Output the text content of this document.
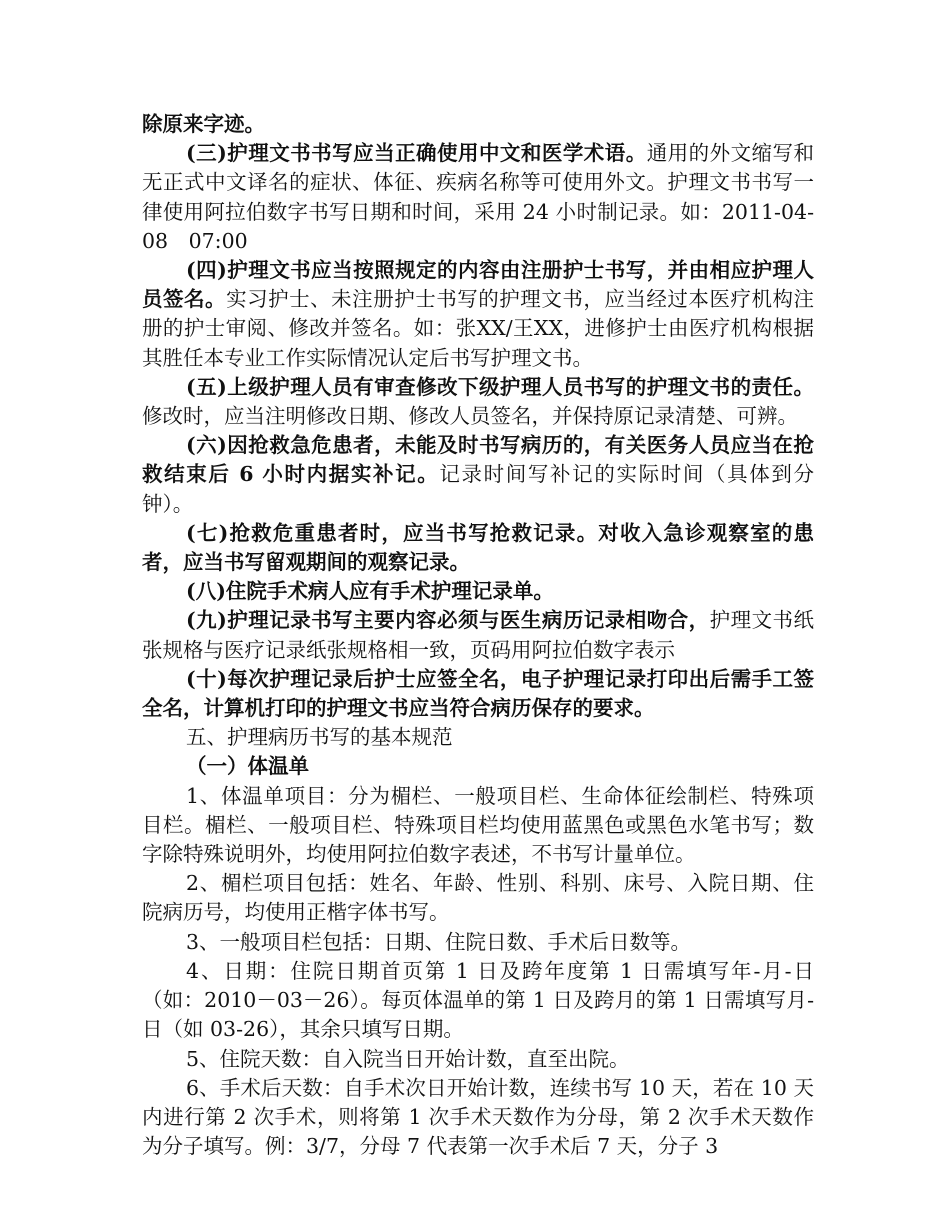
除原来字迹。

(三)护理文书书写应当正确使用中文和医学术语。通用的外文缩写和无正式中文译名的症状、体征、疾病名称等可使用外文。护理文书书写一律使用阿拉伯数字书写日期和时间，采用 24 小时制记录。如：2011-04-08　07:00

(四)护理文书应当按照规定的内容由注册护士书写，并由相应护理人员签名。实习护士、未注册护士书写的护理文书，应当经过本医疗机构注册的护士审阅、修改并签名。如：张XX/王XX，进修护士由医疗机构根据其胜任本专业工作实际情况认定后书写护理文书。

(五)上级护理人员有审查修改下级护理人员书写的护理文书的责任。修改时，应当注明修改日期、修改人员签名，并保持原记录清楚、可辨。

(六)因抢救急危患者，未能及时书写病历的，有关医务人员应当在抢救结束后 6 小时内据实补记。记录时间写补记的实际时间（具体到分钟）。

(七)抢救危重患者时，应当书写抢救记录。对收入急诊观察室的患者，应当书写留观期间的观察记录。

(八)住院手术病人应有手术护理记录单。

(九)护理记录书写主要内容必须与医生病历记录相吻合，护理文书纸张规格与医疗记录纸张规格相一致，页码用阿拉伯数字表示

(十)每次护理记录后护士应签全名，电子护理记录打印出后需手工签全名，计算机打印的护理文书应当符合病历保存的要求。

五、护理病历书写的基本规范

（一）体温单

1、体温单项目：分为楣栏、一般项目栏、生命体征绘制栏、特殊项目栏。楣栏、一般项目栏、特殊项目栏均使用蓝黑色或黑色水笔书写；数字除特殊说明外，均使用阿拉伯数字表述，不书写计量单位。

2、楣栏项目包括：姓名、年龄、性别、科别、床号、入院日期、住院病历号，均使用正楷字体书写。

3、一般项目栏包括：日期、住院日数、手术后日数等。

4、日期：住院日期首页第 1 日及跨年度第 1 日需填写年-月-日（如：2010－03－26）。每页体温单的第 1 日及跨月的第 1 日需填写月-日（如 03-26），其余只填写日期。

5、住院天数：自入院当日开始计数，直至出院。

6、手术后天数：自手术次日开始计数，连续书写 10 天，若在 10 天内进行第 2 次手术，则将第 1 次手术天数作为分母，第 2 次手术天数作为分子填写。例：3/7，分母 7 代表第一次手术后 7 天，分子 3
